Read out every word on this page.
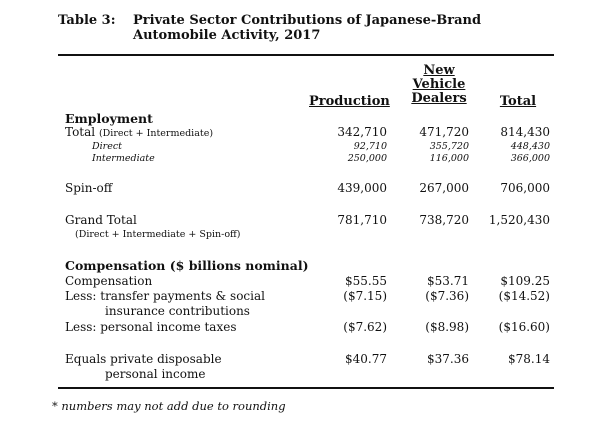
Table 3: Private Sector Contributions of Japanese-Brand Automobile Activity, 2017
Production
New
Vehicle
Dealers	Total
Employment
Total (Direct + Intermediate)	342,710	471,720	814,430
Direct	92,710	355,720	448,430
Intermediate	250,000	116,000	366,000
Spin-off	439,000	267,000	706,000
Grand Total
(Direct + Intermediate + Spin-off)
781,710	738,720 1,520,430
Compensation ($ billions nominal)
Compensation	$55.55	$53.71	$109.25
Less: transfer payments & social
insurance contributions
($7.15)	($7.36) ($14.52)
Less: personal income taxes	($7.62)	($8.98) ($16.60)
Equals private disposable
personal income
$40.77	$37.36	$78.14
* numbers may not add due to rounding
